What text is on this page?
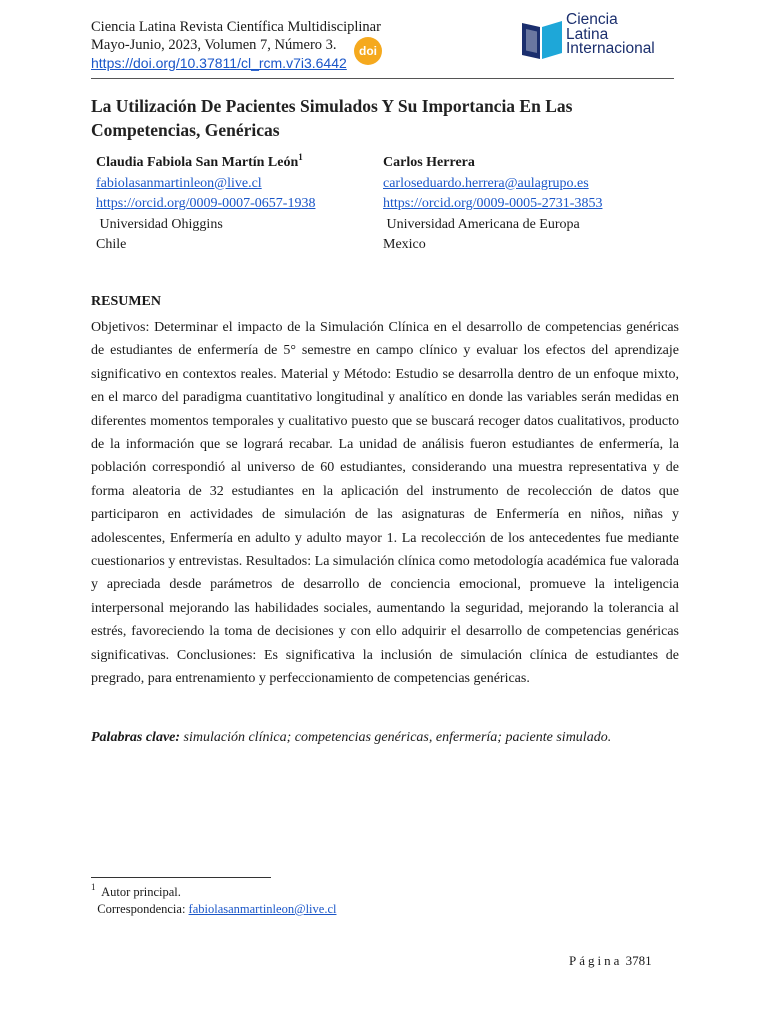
Ciencia Latina Revista Científica Multidisciplinar
Mayo-Junio, 2023, Volumen 7, Número 3.
https://doi.org/10.37811/cl_rcm.v7i3.6442
doi
Ciencia
Latina
Internacional
La Utilización De Pacientes Simulados Y Su Importancia En Las Competencias, Genéricas
Claudia Fabiola San Martín León$^1$
fabiolasanmartinleon@live.cl
https://orcid.org/0009-0007-0657-1938
Universidad Ohiggins
Chile
Carlos Herrera
carloseduardo.herrera@aulagrupo.es
https://orcid.org/0009-0005-2731-3853
Universidad Americana de Europa
Mexico
RESUMEN
Objetivos: Determinar el impacto de la Simulación Clínica en el desarrollo de competencias genéricas de estudiantes de enfermería de 5° semestre en campo clínico y evaluar los efectos del aprendizaje significativo en contextos reales. Material y Método: Estudio se desarrolla dentro de un enfoque mixto, en el marco del paradigma cuantitativo longitudinal y analítico en donde las variables serán medidas en diferentes momentos temporales y cualitativo puesto que se buscará recoger datos cualitativos, producto de la información que se logrará recabar. La unidad de análisis fueron estudiantes de enfermería, la población correspondió al universo de 60 estudiantes, considerando una muestra representativa y de forma aleatoria de 32 estudiantes en la aplicación del instrumento de recolección de datos que participaron en actividades de simulación de las asignaturas de Enfermería en niños, niñas y adolescentes, Enfermería en adulto y adulto mayor 1. La recolección de los antecedentes fue mediante cuestionarios y entrevistas. Resultados: La simulación clínica como metodología académica fue valorada y apreciada desde parámetros de desarrollo de conciencia emocional, promueve la inteligencia interpersonal mejorando las habilidades sociales, aumentando la seguridad, mejorando la tolerancia al estrés, favoreciendo la toma de decisiones y con ello adquirir el desarrollo de competencias genéricas significativas. Conclusiones: Es significativa la inclusión de simulación clínica de estudiantes de pregrado, para entrenamiento y perfeccionamiento de competencias genéricas.
Palabras clave: simulación clínica; competencias genéricas, enfermería; paciente simulado.
$^1$ Autor principal.
Correspondencia: fabiolasanmartinleon@live.cl
Página 3781
